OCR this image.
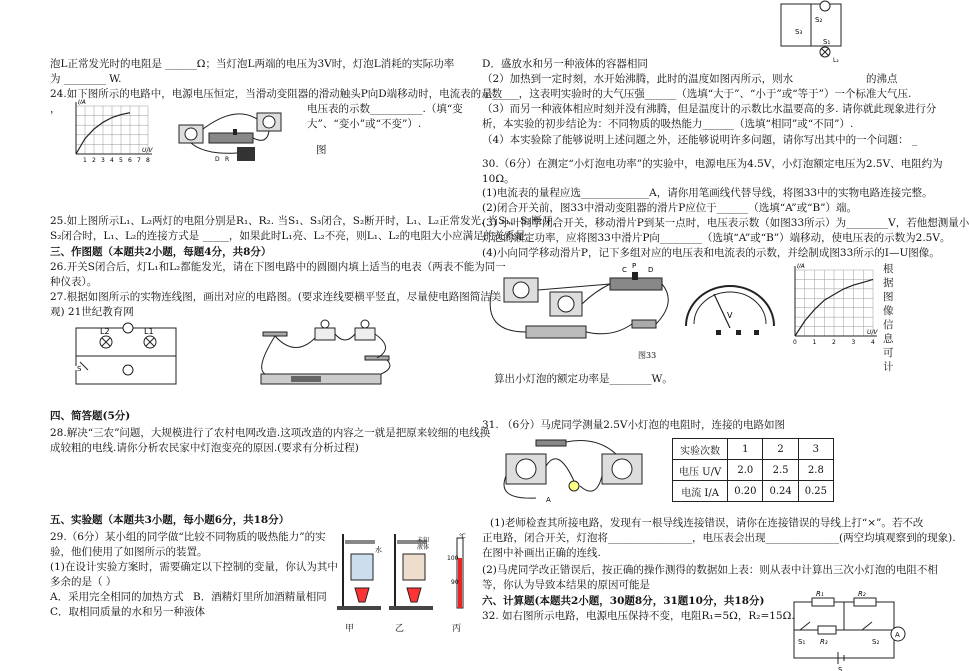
泡L正常发光时的电阻是 ______Ω；当灯泡L两端的电压为3V时，灯泡L消耗的实际功率
为 ________ W.
24.如下图所示的电路中，电源电压恒定，当滑动变阻器的滑动触头P向D端移动时，电流表的示数
，	电压表的示数__________.（填“变
大”、“变小”或“不变”）.
图
1 2 3 4 5 6 7 8
I/A
U/V
D R
25.如上图所示L₁、L₂两灯的电阻分别是R₁、R₂. 当S₁、S₃闭合，S₂断开时，L₁、L₂正常发光. 当S₁、S₃断开,
S₂闭合时，L₁、L₂的连接方式是 _____，如果此时L₁亮、L₂不亮，则L₁、L₂的电阻大小应满足的关系是_
三、作图题（本题共2小题，每题4分，共8分）
26.开关S闭合后，灯L₁和L₂都能发光，请在下图电路中的圆圈内填上适当的电表（两表不能为同一
种仪表）。
27.根据如图所示的实物连线图，画出对应的电路图。(要求连线要横平竖直，尽量使电路图简洁美
观) 21世纪教育网
L2	L1
S
四、简答题(5分)
28.解决“三农”问题，大规模进行了农村电网改造.这项改造的内容之一就是把原来较细的电线换
成较粗的电线.请你分析农民家中灯泡变亮的原因.(要求有分析过程)
五、实验题（本题共3小题，每小题6分，共18分）
29.（6分）某小组的同学做“比较不同物质的吸热能力”的实
验，他们使用了如图所示的装置。
(1)在设计实验方案时，需要确定以下控制的变量，你认为其中
多余的是（ ）
A．采用完全相同的加热方式 B．酒精灯里所加酒精量相同
C．取相同质量的水和另一种液体
水
未知
液体
100
90
℃
甲	乙	丙
S₃
S₂
S₁
L₂
D．盛放水和另一种液体的容器相同
（2）加热到一定时刻，水开始沸腾，此时的温度如图丙所示，则水	的沸点
是_____，这表明实验时的大气压强______（选填“大于”、“小于”或“等于”）一个标准大气压.
（3）而另一种液体相应时刻并没有沸腾，但是温度计的示数比水温要高的多. 请你就此现象进行分
析，本实验的初步结论为：不同物质的吸热能力______（选填“相同”或“不同”）.
（4）本实验除了能够说明上述问题之外，还能够说明许多问题，请你写出其中的一个问题： _
30.（6分）在测定“小灯泡电功率”的实验中，电源电压为4.5V，小灯泡额定电压为2.5V、电阻约为
10Ω。
(1)电流表的量程应选_____________A，请你用笔画线代替导线，将图33中的实物电路连接完整。
(2)闭合开关前，图33中滑动变阻器的滑片P应位于______（选填“A”或“B”）端。
(3) 小叶同学闭合开关，移动滑片P到某一点时，电压表示数（如图33所示）为________V，若他想测量小
灯泡的额定功率，应将图33中滑片P向________（选填“A”或“B”）端移动，使电压表的示数为2.5V。
(4)小向同学移动滑片P，记下多组对应的电压表和电流表的示数，并绘制成图33所示的I—U图像。
C P D
图33
V
0	1	2	3	4
I/A
U/V
根
据
图
像
信
息
可
计
算出小灯泡的额定功率是________W。
31. （6分）马虎同学测量2.5V小灯泡的电阻时，连接的电路如图
A
实验次数	1	2	3
电压 U/V	2.0	2.5	2.8
电流 I/A	0.20	0.24	0.25
(1)老师检查其所接电路，发现有一根导线连接错误，请你在连接错误的导线上打“×”。若不改
正电路，闭合开关，灯泡将________________，电压表会出现______________(两空均填观察到的现象).
在图中补画出正确的连线.
(2)马虎同学改正错误后，按正确的操作测得的数据如上表：则从表中计算出三次小灯泡的电阻不相
等，你认为导致本结果的原因可能是
六、计算题(本题共2小题，30题8分，31题10分，共18分)
32. 如右图所示电路，电源电压保持不变，电阻R₁=5Ω，R₂=15Ω.
R₁	R₂
R₃
S₁	S₂
A
S
